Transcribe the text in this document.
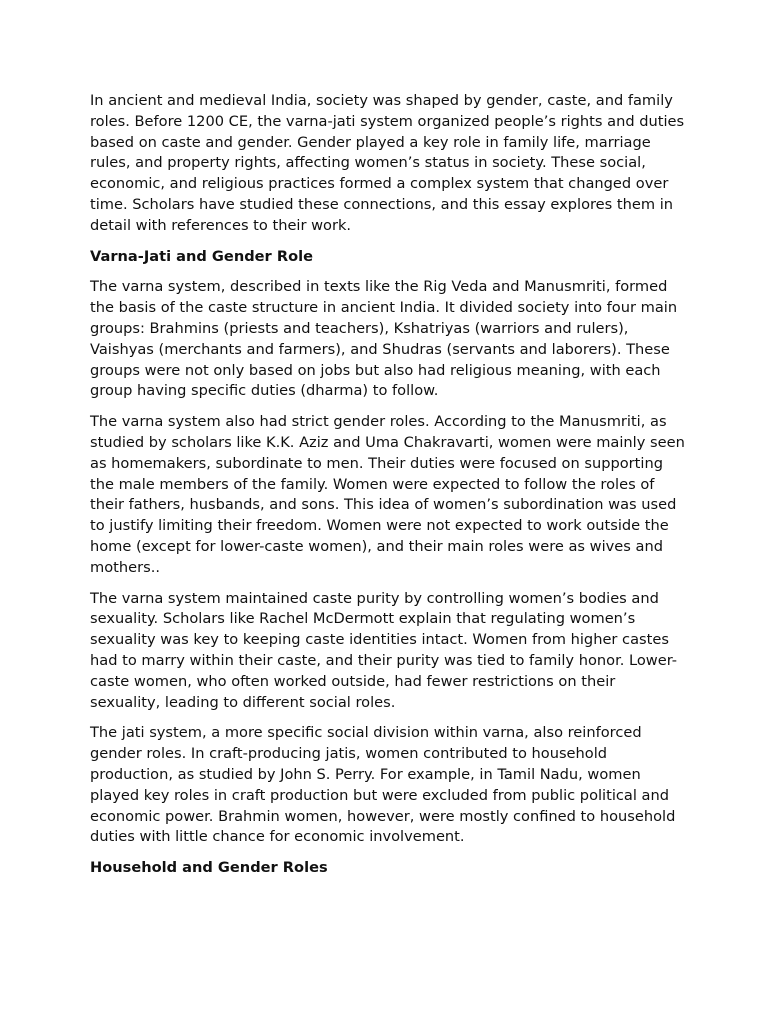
In ancient and medieval India, society was shaped by gender, caste, and family roles. Before 1200 CE, the varna-jati system organized people’s rights and duties based on caste and gender. Gender played a key role in family life, marriage rules, and property rights, affecting women’s status in society. These social, economic, and religious practices formed a complex system that changed over time. Scholars have studied these connections, and this essay explores them in detail with references to their work.

Varna-Jati and Gender Role

The varna system, described in texts like the Rig Veda and Manusmriti, formed the basis of the caste structure in ancient India. It divided society into four main groups: Brahmins (priests and teachers), Kshatriyas (warriors and rulers), Vaishyas (merchants and farmers), and Shudras (servants and laborers). These groups were not only based on jobs but also had religious meaning, with each group having specific duties (dharma) to follow.

The varna system also had strict gender roles. According to the Manusmriti, as studied by scholars like K.K. Aziz and Uma Chakravarti, women were mainly seen as homemakers, subordinate to men. Their duties were focused on supporting the male members of the family. Women were expected to follow the roles of their fathers, husbands, and sons. This idea of women’s subordination was used to justify limiting their freedom. Women were not expected to work outside the home (except for lower-caste women), and their main roles were as wives and mothers..

The varna system maintained caste purity by controlling women’s bodies and sexuality. Scholars like Rachel McDermott explain that regulating women’s sexuality was key to keeping caste identities intact. Women from higher castes had to marry within their caste, and their purity was tied to family honor. Lower-caste women, who often worked outside, had fewer restrictions on their sexuality, leading to different social roles.

The jati system, a more specific social division within varna, also reinforced gender roles. In craft-producing jatis, women contributed to household production, as studied by John S. Perry. For example, in Tamil Nadu, women played key roles in craft production but were excluded from public political and economic power. Brahmin women, however, were mostly confined to household duties with little chance for economic involvement.

Household and Gender Roles
